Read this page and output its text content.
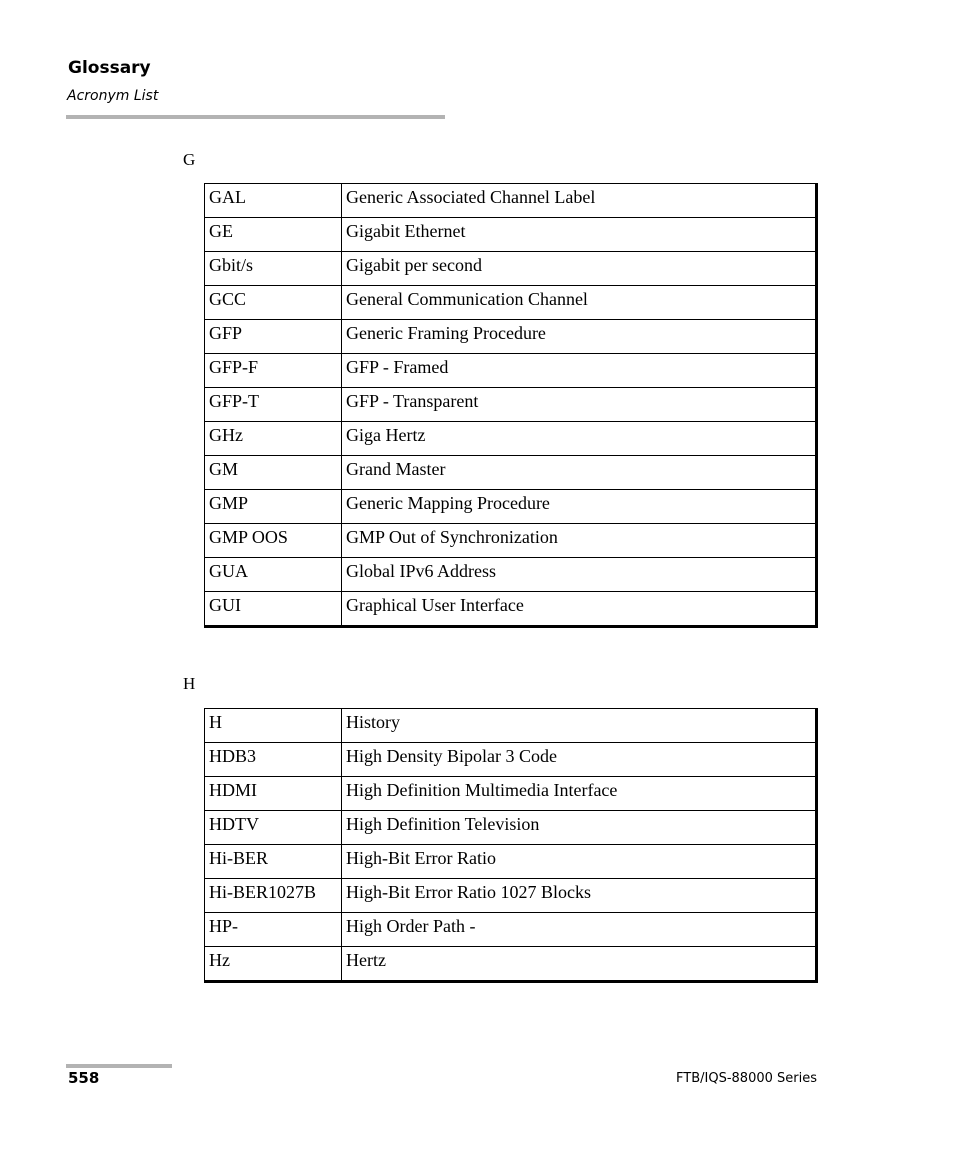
Glossary
Acronym List
G
GAL	Generic Associated Channel Label
GE	Gigabit Ethernet
Gbit/s	Gigabit per second
GCC	General Communication Channel
GFP	Generic Framing Procedure
GFP-F	GFP - Framed
GFP-T	GFP - Transparent
GHz	Giga Hertz
GM	Grand Master
GMP	Generic Mapping Procedure
GMP OOS	GMP Out of Synchronization
GUA	Global IPv6 Address
GUI	Graphical User Interface
H
H	History
HDB3	High Density Bipolar 3 Code
HDMI	High Definition Multimedia Interface
HDTV	High Definition Television
Hi-BER	High-Bit Error Ratio
Hi-BER1027B	High-Bit Error Ratio 1027 Blocks
HP-	High Order Path -
Hz	Hertz
558	FTB/IQS-88000 Series
